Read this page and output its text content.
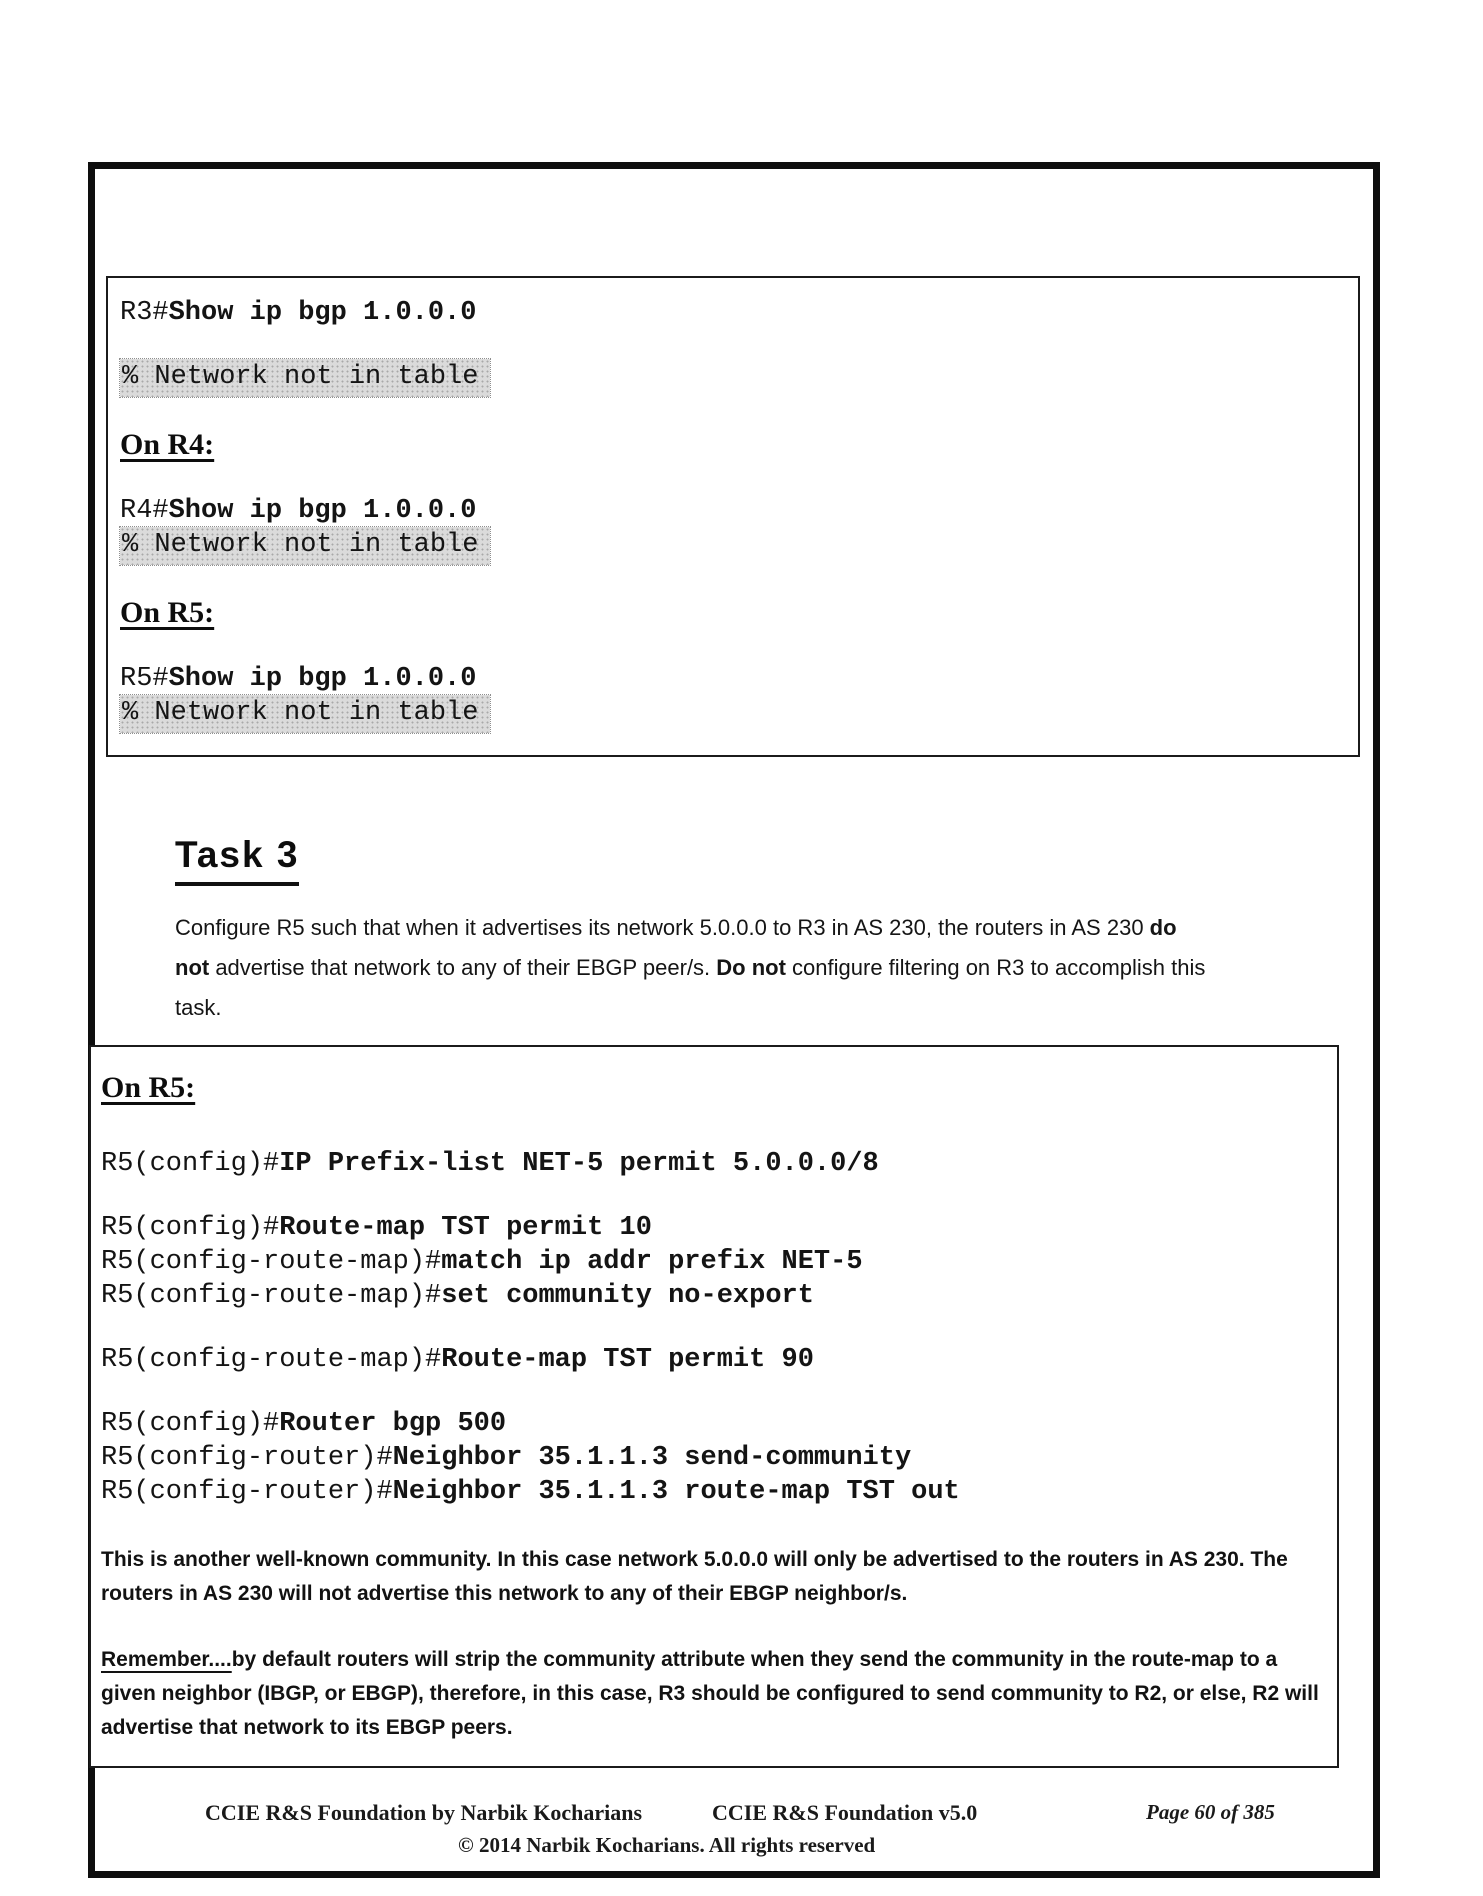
R3#Show ip bgp 1.0.0.0
% Network not in table
On R4:
R4#Show ip bgp 1.0.0.0
% Network not in table
On R5:
R5#Show ip bgp 1.0.0.0
% Network not in table
Task 3
Configure R5 such that when it advertises its network 5.0.0.0 to R3 in AS 230, the routers in AS 230 do not advertise that network to any of their EBGP peer/s. Do not configure filtering on R3 to accomplish this task.
On R5:
R5(config)#IP Prefix-list NET-5 permit 5.0.0.0/8
R5(config)#Route-map TST permit 10
R5(config-route-map)#match ip addr prefix NET-5
R5(config-route-map)#set community no-export
R5(config-route-map)#Route-map TST permit 90
R5(config)#Router bgp 500
R5(config-router)#Neighbor 35.1.1.3 send-community
R5(config-router)#Neighbor 35.1.1.3 route-map TST out
This is another well-known community. In this case network 5.0.0.0 will only be advertised to the routers in AS 230. The routers in AS 230 will not advertise this network to any of their EBGP neighbor/s.
Remember....by default routers will strip the community attribute when they send the community in the route-map to a given neighbor (IBGP, or EBGP), therefore, in this case, R3 should be configured to send community to R2, or else, R2 will advertise that network to its EBGP peers.
CCIE R&S Foundation by Narbik Kocharians	CCIE R&S Foundation v5.0	Page 60 of 385
© 2014 Narbik Kocharians. All rights reserved
